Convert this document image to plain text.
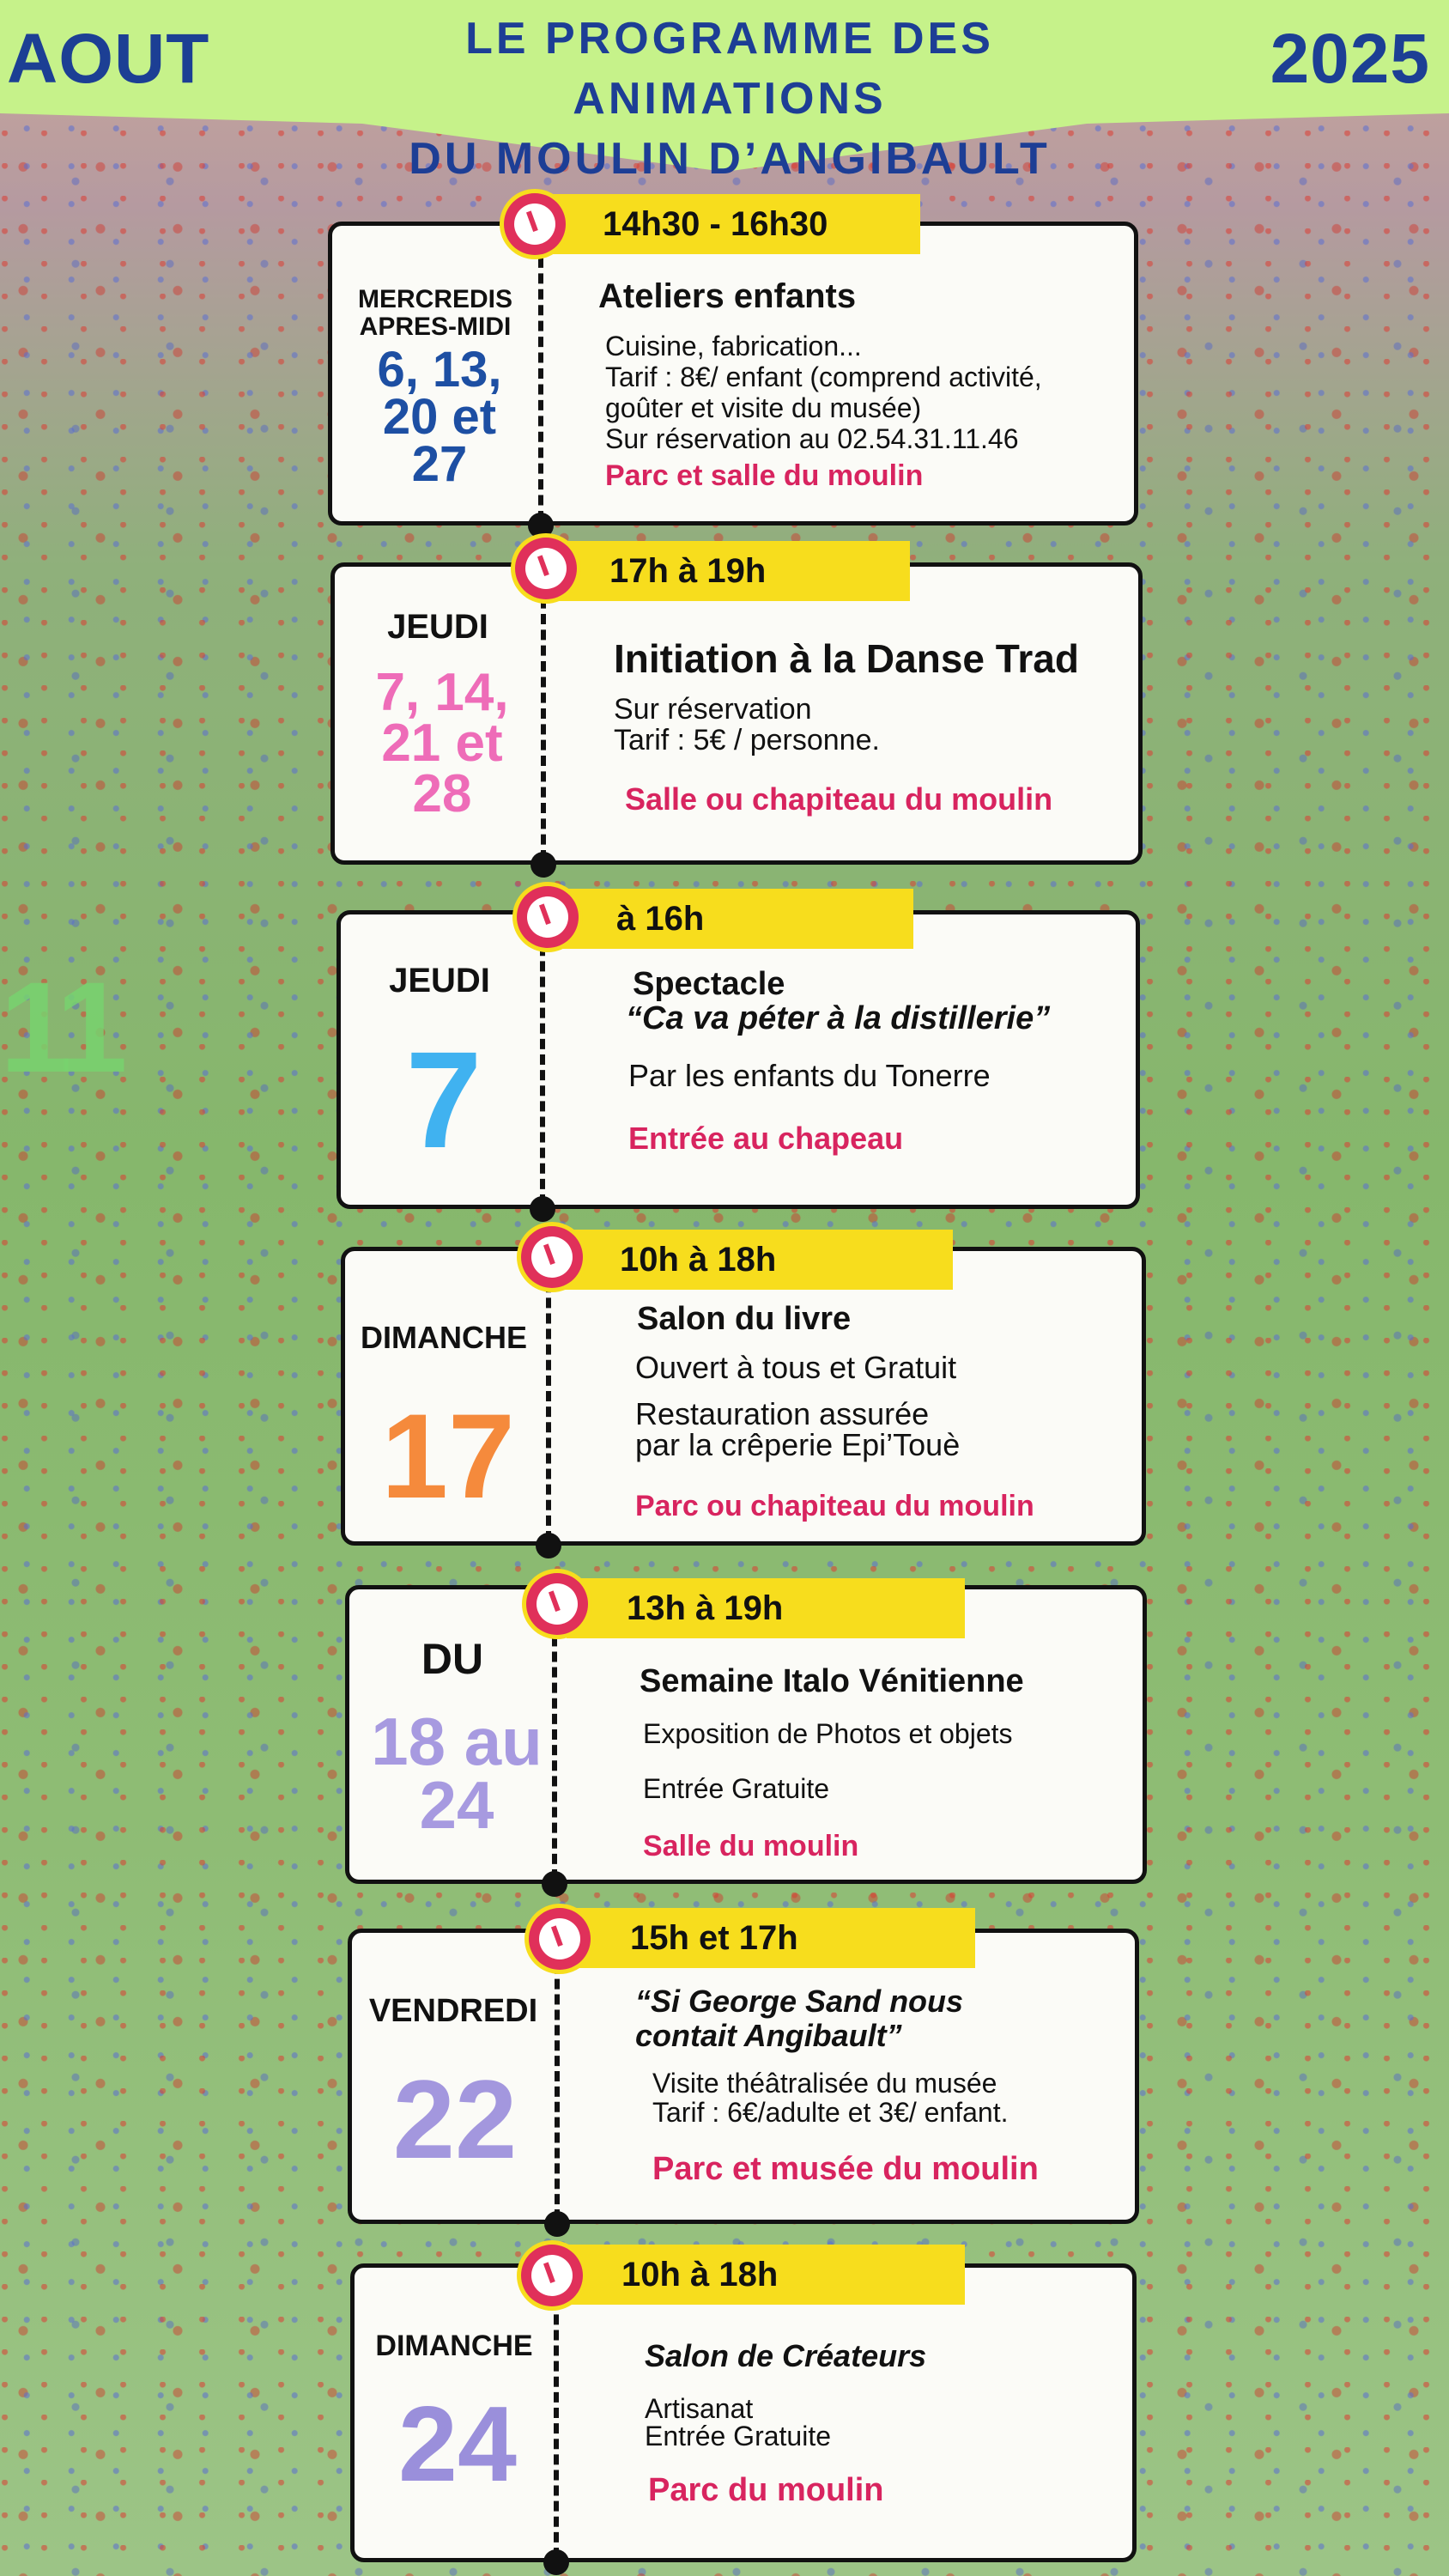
AOUT	LE PROGRAMME DES ANIMATIONS
DU MOULIN D’ANGIBAULT
2025
11
MERCREDIS APRES-MIDI
6, 13, 20 et 27
Ateliers enfants
Cuisine, fabrication...
Tarif : 8€/ enfant (comprend activité,
goûter et visite du musée)
Sur réservation au 02.54.31.11.46
Parc et salle du moulin
14h30 - 16h30
JEUDI
7, 14, 21 et 28
Initiation à la Danse Trad
Sur réservation
Tarif : 5€ / personne.
Salle ou chapiteau du moulin
17h à 19h
JEUDI
7
Spectacle
“Ca va péter à la distillerie”
Par les enfants du Tonerre
Entrée au chapeau
à 16h
DIMANCHE
17
Salon du livre
Ouvert à tous et Gratuit
Restauration assurée
par la crêperie Epi’Touè
Parc ou chapiteau du moulin
10h à 18h
DU
18 au 24
Semaine Italo Vénitienne
Exposition de Photos et objets
Entrée Gratuite
Salle du moulin
13h à 19h
VENDREDI
22
“Si George Sand nous contait Angibault”
Visite théâtralisée du musée
Tarif : 6€/adulte et 3€/ enfant.
Parc et musée du moulin
15h et 17h
DIMANCHE
24
Salon de Créateurs
Artisanat
Entrée Gratuite
Parc du moulin
10h à 18h
